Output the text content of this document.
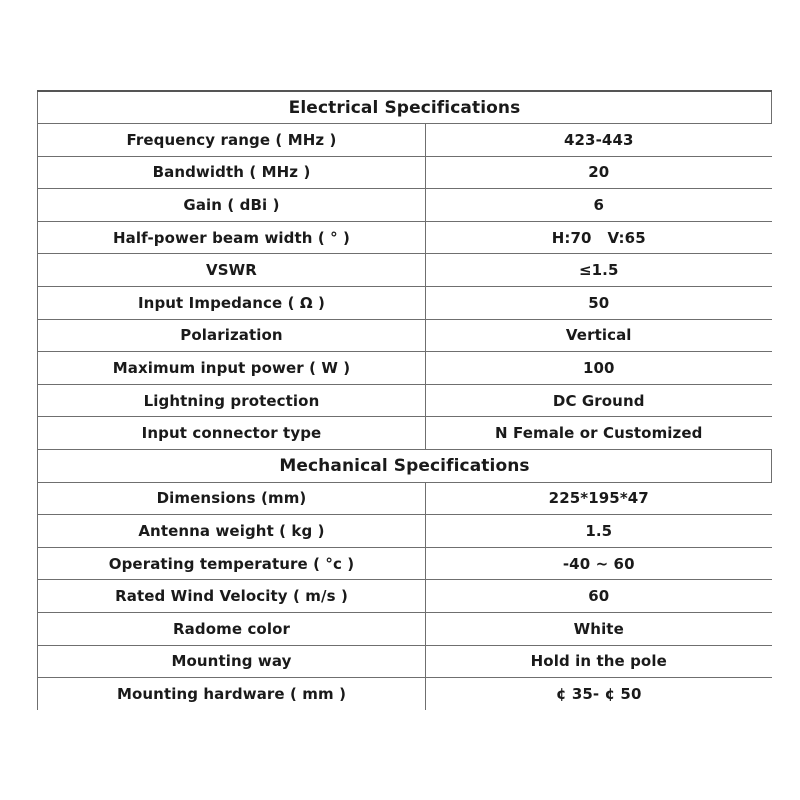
Electrical Specifications	
Frequency range ( MHz )	423-443
Bandwidth ( MHz )	20
Gain ( dBi )	6
Half-power beam width ( ° )	H:70   V:65
VSWR	≤1.5
Input Impedance ( Ω )	50
Polarization	Vertical
Maximum input power ( W )	100
Lightning protection	DC Ground
Input connector type	N Female or Customized
Mechanical Specifications	
Dimensions (mm)	225*195*47
Antenna weight ( kg )	1.5
Operating temperature ( °c )	-40 ~ 60
Rated Wind Velocity ( m/s )	60
Radome color	White
Mounting way	Hold in the pole
Mounting hardware ( mm )	¢ 35- ¢ 50
